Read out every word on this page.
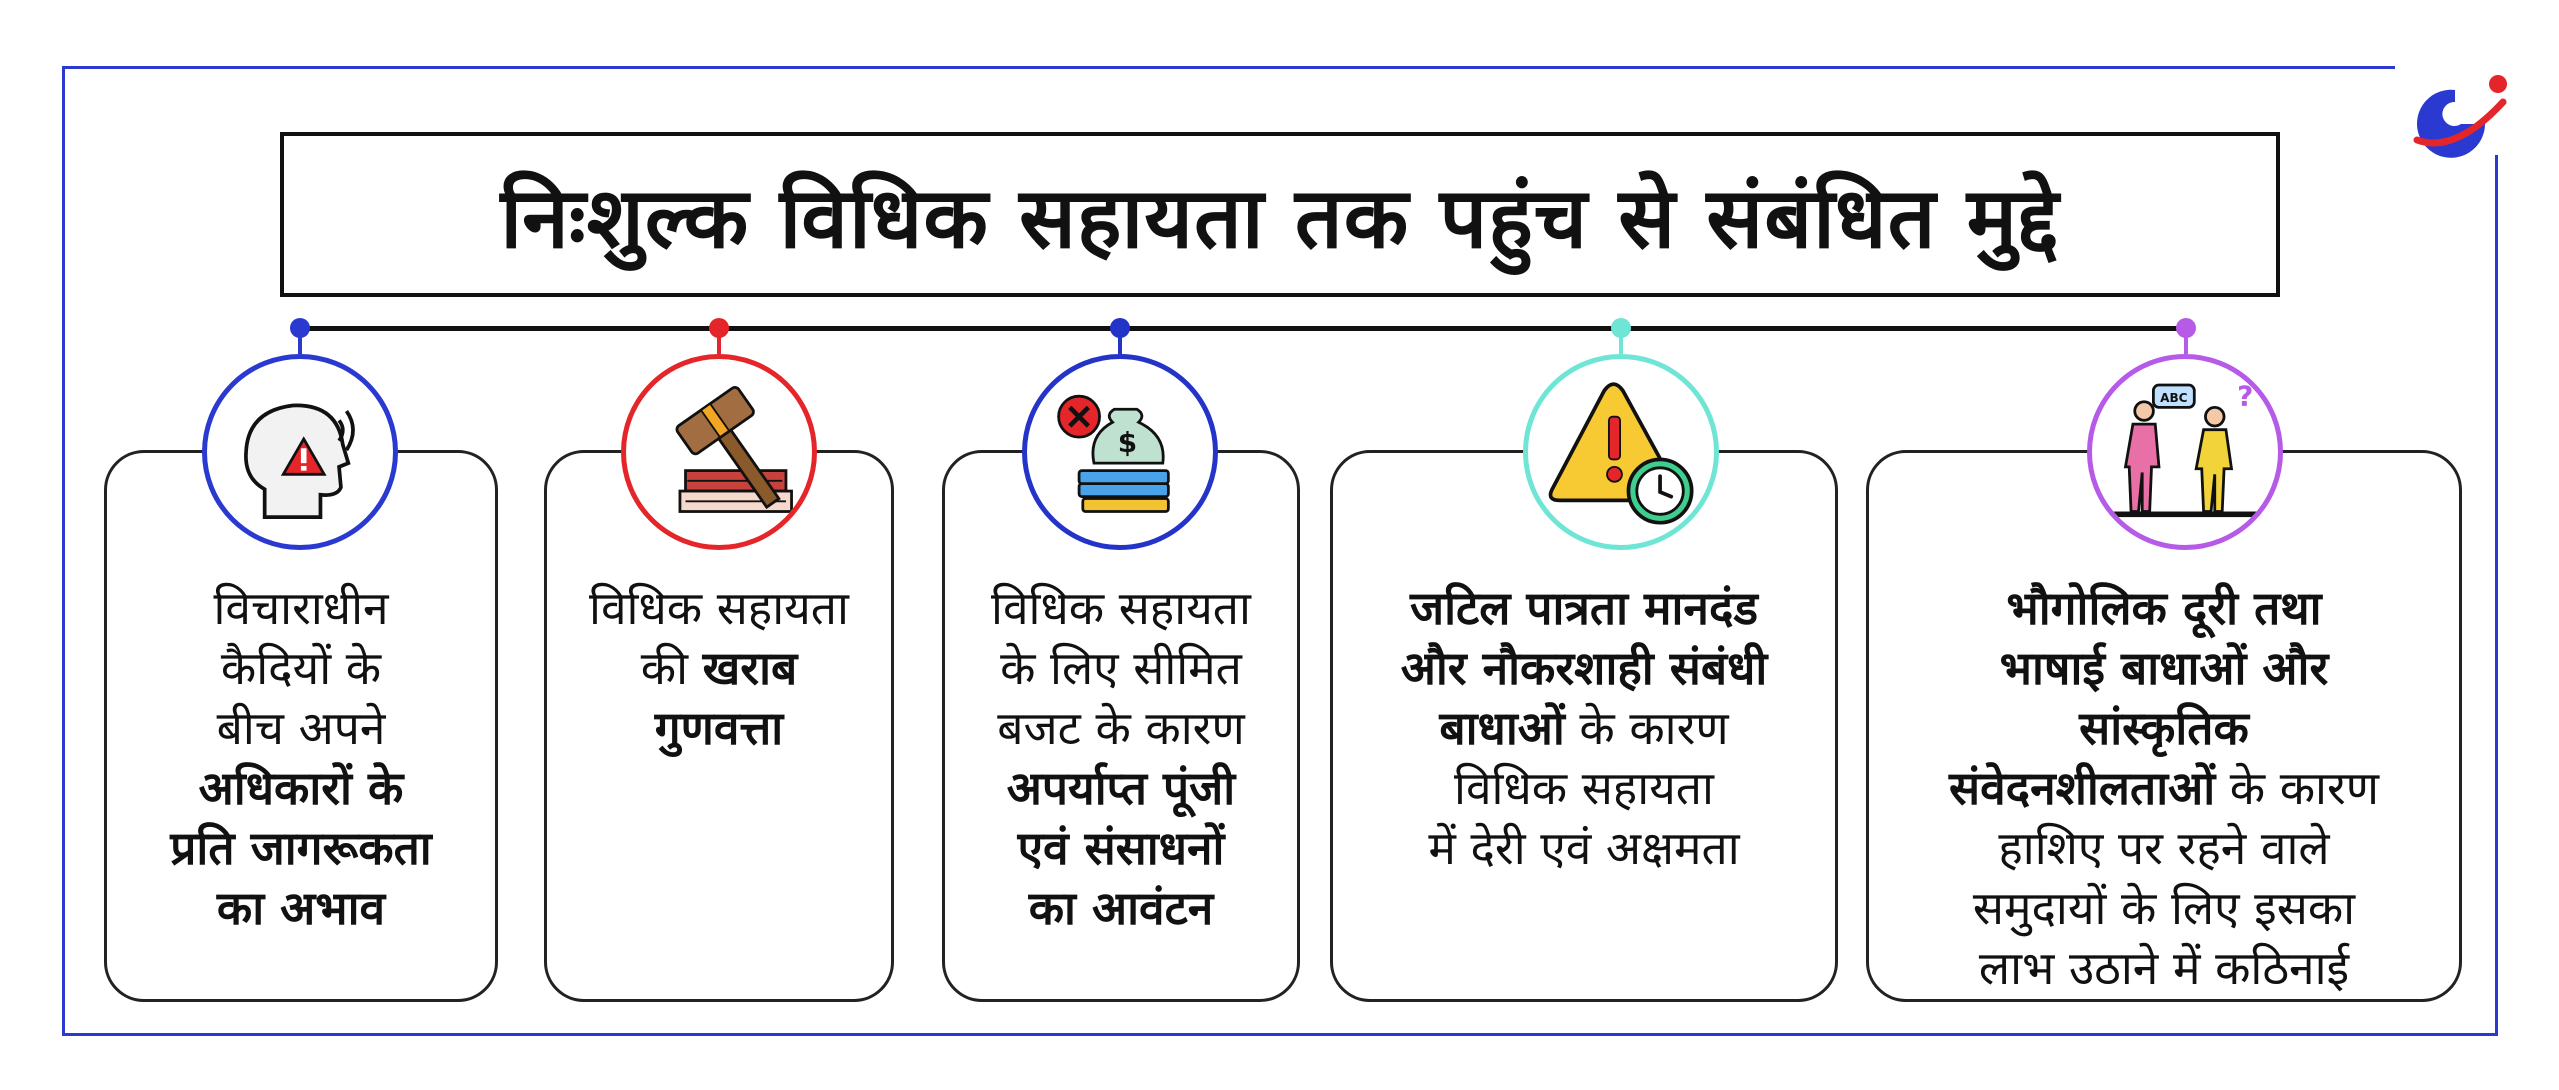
निःशुल्क विधिक सहायता तक पहुंच से संबंधित मुद्दे
$
ABC ?
विचाराधीन
कैदियों के
बीच अपने
अधिकारों के
प्रति जागरूकता
का अभाव
विधिक सहायता
की खराब
गुणवत्ता
विधिक सहायता
के लिए सीमित
बजट के कारण
अपर्याप्त पूंजी
एवं संसाधनों
का आवंटन
जटिल पात्रता मानदंड
और नौकरशाही संबंधी
बाधाओं के कारण
विधिक सहायता
में देरी एवं अक्षमता
भौगोलिक दूरी तथा
भाषाई बाधाओं और
सांस्कृतिक
संवेदनशीलताओं के कारण
हाशिए पर रहने वाले
समुदायों के लिए इसका
लाभ उठाने में कठिनाई
